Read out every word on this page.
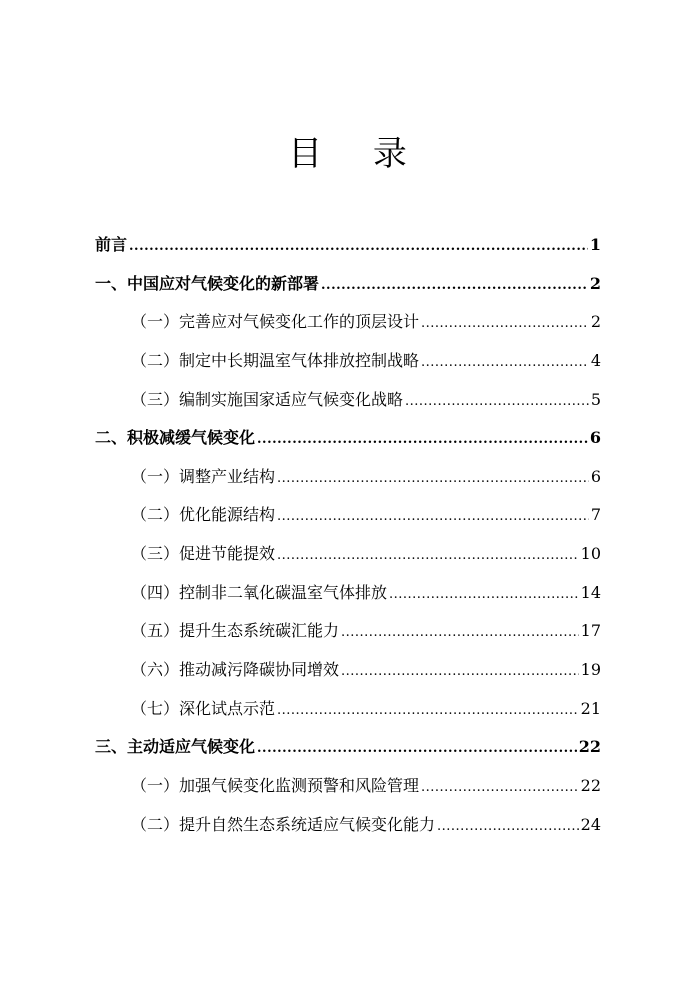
目 录
前言 .....	1
一、中国应对气候变化的新部署 .....	2
（一）完善应对气候变化工作的顶层设计 .....	2
（二）制定中长期温室气体排放控制战略 .....	4
（三）编制实施国家适应气候变化战略 .....	5
二、积极减缓气候变化 .....	6
（一）调整产业结构 .....	6
（二）优化能源结构 .....	7
（三）促进节能提效 .....	10
（四）控制非二氧化碳温室气体排放 .....	14
（五）提升生态系统碳汇能力 .....	17
（六）推动减污降碳协同增效 .....	19
（七）深化试点示范 .....	21
三、主动适应气候变化 .....	22
（一）加强气候变化监测预警和风险管理 .....	22
（二）提升自然生态系统适应气候变化能力 .....	24
